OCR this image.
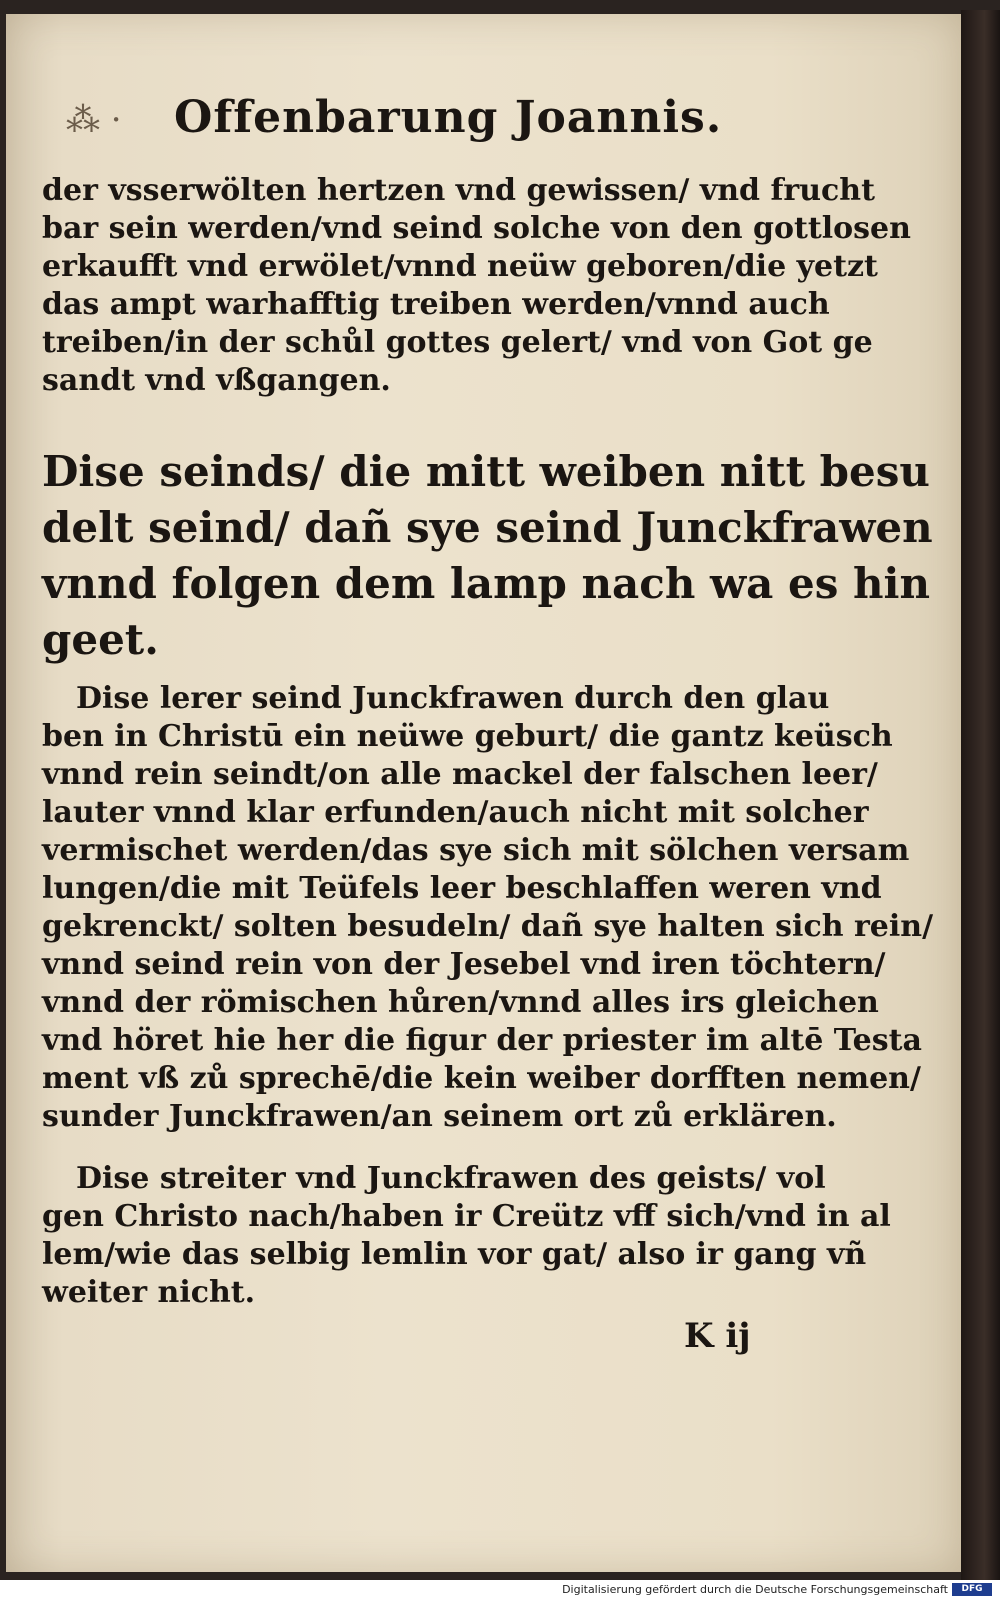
⁂ · Offenbarung Joannis.
der vsserwölten hertzen vnd gewissen/ vnd frucht
bar sein werden/vnd seind solche von den gottlosen
erkaufft vnd erwölet/vnnd neüw geboren/die yetzt
das ampt warhafftig treiben werden/vnnd auch
treiben/in der schůl gottes gelert/ vnd von Got ge
sandt vnd vßgangen.
Dise seinds/ die mitt weiben nitt besu
delt seind/ dañ sye seind Junckfrawen
vnnd folgen dem lamp nach wa es hin
geet.
Dise lerer seind Junckfrawen durch den glau
ben in Christū ein neüwe geburt/ die gantz keüsch
vnnd rein seindt/on alle mackel der falschen leer/
lauter vnnd klar erfunden/auch nicht mit solcher
vermischet werden/das sye sich mit sölchen versam
lungen/die mit Teüfels leer beschlaffen weren vnd
gekrenckt/ solten besudeln/ dañ sye halten sich rein/
vnnd seind rein von der Jesebel vnd iren töchtern/
vnnd der römischen hůren/vnnd alles irs gleichen
vnd höret hie her die figur der priester im altē Testa
ment vß zů sprechē/die kein weiber dorfften nemen/
sunder Junckfrawen/an seinem ort zů erklären.
Dise streiter vnd Junckfrawen des geists/ vol
gen Christo nach/haben ir Creütz vff sich/vnd in al
lem/wie das selbig lemlin vor gat/ also ir gang vñ
weiter nicht.
K ij
Digitalisierung gefördert durch die Deutsche Forschungsgemeinschaft	DFG
